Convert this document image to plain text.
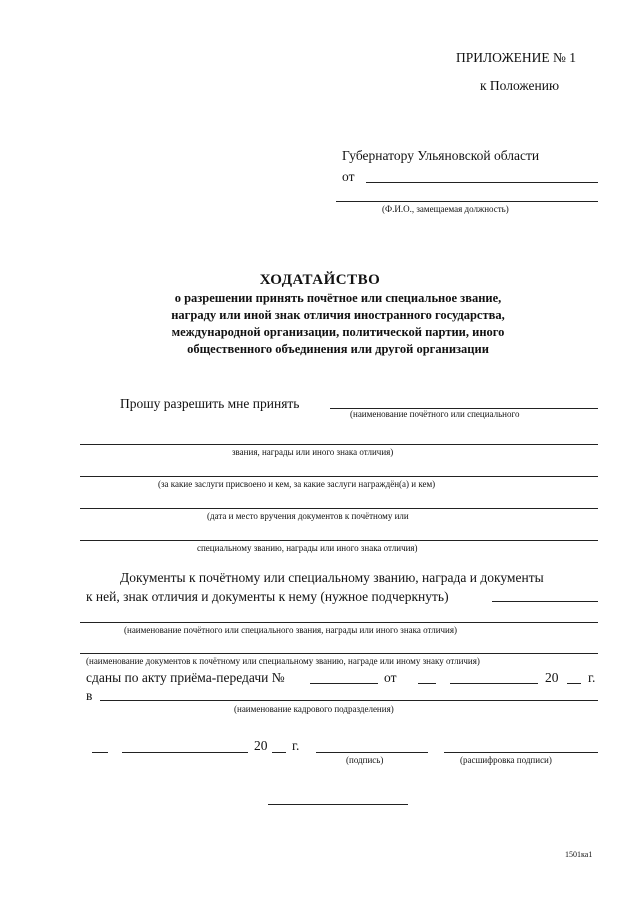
ПРИЛОЖЕНИЕ № 1
к Положению
Губернатору Ульяновской области
от
(Ф.И.О., замещаемая должность)
ХОДАТАЙСТВО
о разрешении принять почётное или специальное звание,
награду или иной знак отличия иностранного государства,
международной организации, политической партии, иного
общественного объединения или другой организации
Прошу разрешить мне принять
(наименование почётного или специального
звания, награды или иного знака отличия)
(за какие заслуги присвоено и кем, за какие заслуги награждён(а) и кем)
(дата и место вручения документов к почётному или
специальному званию, награды или иного знака отличия)
Документы к почётному или специальному званию, награда и документы
к ней, знак отличия и документы к нему (нужное подчеркнуть)
(наименование почётного или специального звания, награды или иного знака отличия)
(наименование документов к почётному или специальному званию, награде или иному знаку отличия)
сданы по акту приёма-передачи №	от	20 г.
в
(наименование кадрового подразделения)
20 г.
(подпись)	(расшифровка подписи)
1501ка1
